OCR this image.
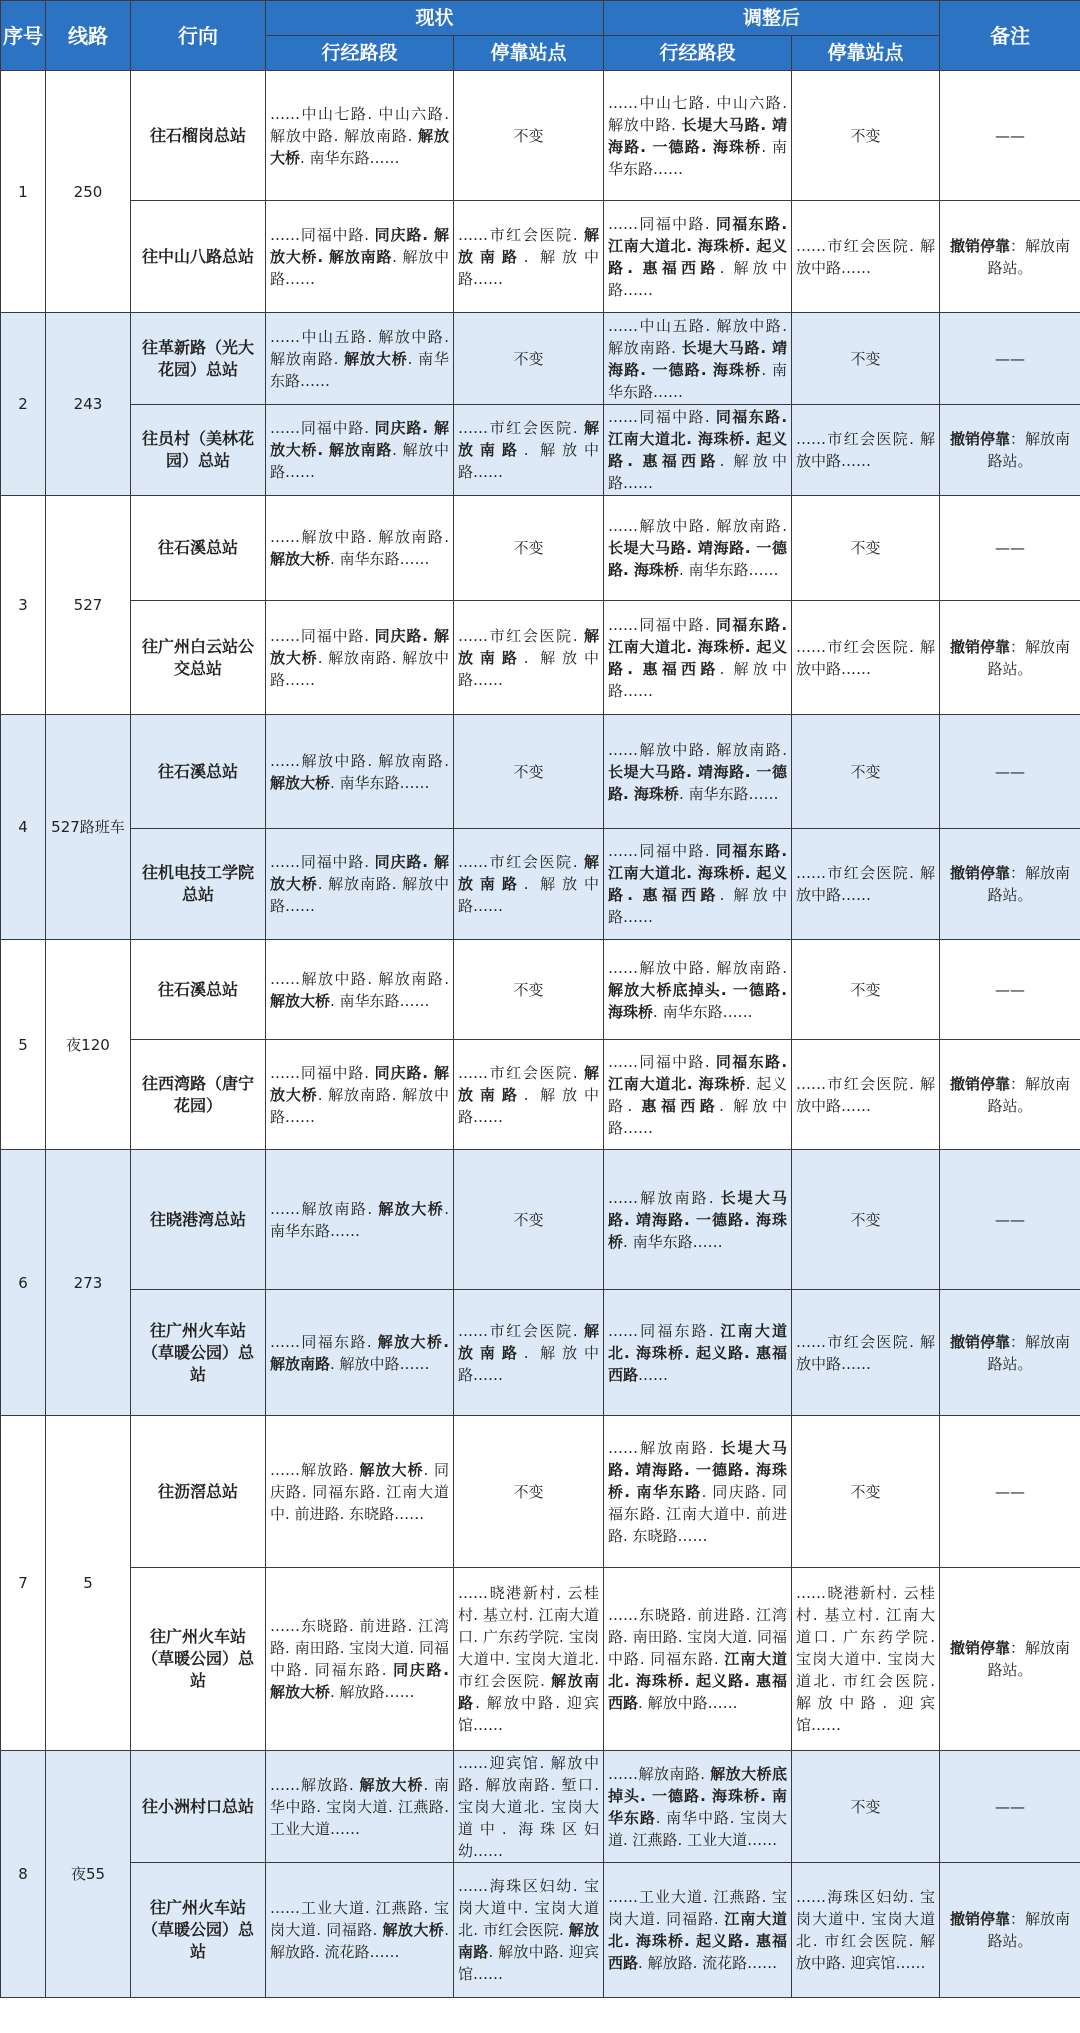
序号	线路	行向	现状		调整后		备注
			行经路段	停靠站点	行经路段	停靠站点	
1	250	往石榴岗总站	……中山七路. 中山六路. 解放中路. 解放南路. 解放大桥. 南华东路……	不变	……中山七路. 中山六路. 解放中路. 长堤大马路. 靖海路. 一德路. 海珠桥. 南华东路……	不变	——
		往中山八路总站	……同福中路. 同庆路. 解放大桥. 解放南路. 解放中路……	……市红会医院. 解放南路. 解放中路……	……同福中路. 同福东路. 江南大道北. 海珠桥. 起义路. 惠福西路. 解放中路……	……市红会医院. 解放中路……	撤销停靠：解放南路站。
2	243	往革新路（光大花园）总站	……中山五路. 解放中路. 解放南路. 解放大桥. 南华东路……	不变	……中山五路. 解放中路. 解放南路. 长堤大马路. 靖海路. 一德路. 海珠桥. 南华东路……	不变	——
		往员村（美林花园）总站	……同福中路. 同庆路. 解放大桥. 解放南路. 解放中路……	……市红会医院. 解放南路. 解放中路……	……同福中路. 同福东路. 江南大道北. 海珠桥. 起义路. 惠福西路. 解放中路……	……市红会医院. 解放中路……	撤销停靠：解放南路站。
3	527	往石溪总站	……解放中路. 解放南路. 解放大桥. 南华东路……	不变	……解放中路. 解放南路. 长堤大马路. 靖海路. 一德路. 海珠桥. 南华东路……	不变	——
		往广州白云站公交总站	……同福中路. 同庆路. 解放大桥. 解放南路. 解放中路……	……市红会医院. 解放南路. 解放中路……	……同福中路. 同福东路. 江南大道北. 海珠桥. 起义路. 惠福西路. 解放中路……	……市红会医院. 解放中路……	撤销停靠：解放南路站。
4	527路班车	往石溪总站	……解放中路. 解放南路. 解放大桥. 南华东路……	不变	……解放中路. 解放南路. 长堤大马路. 靖海路. 一德路. 海珠桥. 南华东路……	不变	——
		往机电技工学院总站	……同福中路. 同庆路. 解放大桥. 解放南路. 解放中路……	……市红会医院. 解放南路. 解放中路……	……同福中路. 同福东路. 江南大道北. 海珠桥. 起义路. 惠福西路. 解放中路……	……市红会医院. 解放中路……	撤销停靠：解放南路站。
5	夜120	往石溪总站	……解放中路. 解放南路. 解放大桥. 南华东路……	不变	……解放中路. 解放南路. 解放大桥底掉头. 一德路. 海珠桥. 南华东路……	不变	——
		往西湾路（唐宁花园）	……同福中路. 同庆路. 解放大桥. 解放南路. 解放中路……	……市红会医院. 解放南路. 解放中路……	……同福中路. 同福东路. 江南大道北. 海珠桥. 起义路. 惠福西路. 解放中路……	……市红会医院. 解放中路……	撤销停靠：解放南路站。
6	273	往晓港湾总站	……解放南路. 解放大桥. 南华东路……	不变	……解放南路. 长堤大马路. 靖海路. 一德路. 海珠桥. 南华东路……	不变	——
		往广州火车站（草暖公园）总站	……同福东路. 解放大桥. 解放南路. 解放中路……	……市红会医院. 解放南路. 解放中路……	……同福东路. 江南大道北. 海珠桥. 起义路. 惠福西路……	……市红会医院. 解放中路……	撤销停靠：解放南路站。
7	5	往沥滘总站	……解放路. 解放大桥. 同庆路. 同福东路. 江南大道中. 前进路. 东晓路……	不变	……解放南路. 长堤大马路. 靖海路. 一德路. 海珠桥. 南华东路. 同庆路. 同福东路. 江南大道中. 前进路. 东晓路……	不变	——
		往广州火车站（草暖公园）总站	……东晓路. 前进路. 江湾路. 南田路. 宝岗大道. 同福中路. 同福东路. 同庆路. 解放大桥. 解放路……	……晓港新村. 云桂村. 基立村. 江南大道口. 广东药学院. 宝岗大道中. 宝岗大道北. 市红会医院. 解放南路. 解放中路. 迎宾馆……	……东晓路. 前进路. 江湾路. 南田路. 宝岗大道. 同福中路. 同福东路. 江南大道北. 海珠桥. 起义路. 惠福西路. 解放中路……	……晓港新村. 云桂村. 基立村. 江南大道口. 广东药学院. 宝岗大道中. 宝岗大道北. 市红会医院. 解放中路. 迎宾馆……	撤销停靠：解放南路站。
8	夜55	往小洲村口总站	……解放路. 解放大桥. 南华中路. 宝岗大道. 江燕路. 工业大道……	……迎宾馆. 解放中路. 解放南路. 堑口. 宝岗大道北. 宝岗大道中. 海珠区妇幼……	……解放南路. 解放大桥底掉头. 一德路. 海珠桥. 南华东路. 南华中路. 宝岗大道. 江燕路. 工业大道……	不变	——
		往广州火车站（草暖公园）总站	……工业大道. 江燕路. 宝岗大道. 同福路. 解放大桥. 解放路. 流花路……	……海珠区妇幼. 宝岗大道中. 宝岗大道北. 市红会医院. 解放南路. 解放中路. 迎宾馆……	……工业大道. 江燕路. 宝岗大道. 同福路. 江南大道北. 海珠桥. 起义路. 惠福西路. 解放路. 流花路……	……海珠区妇幼. 宝岗大道中. 宝岗大道北. 市红会医院. 解放中路. 迎宾馆……	撤销停靠：解放南路站。
